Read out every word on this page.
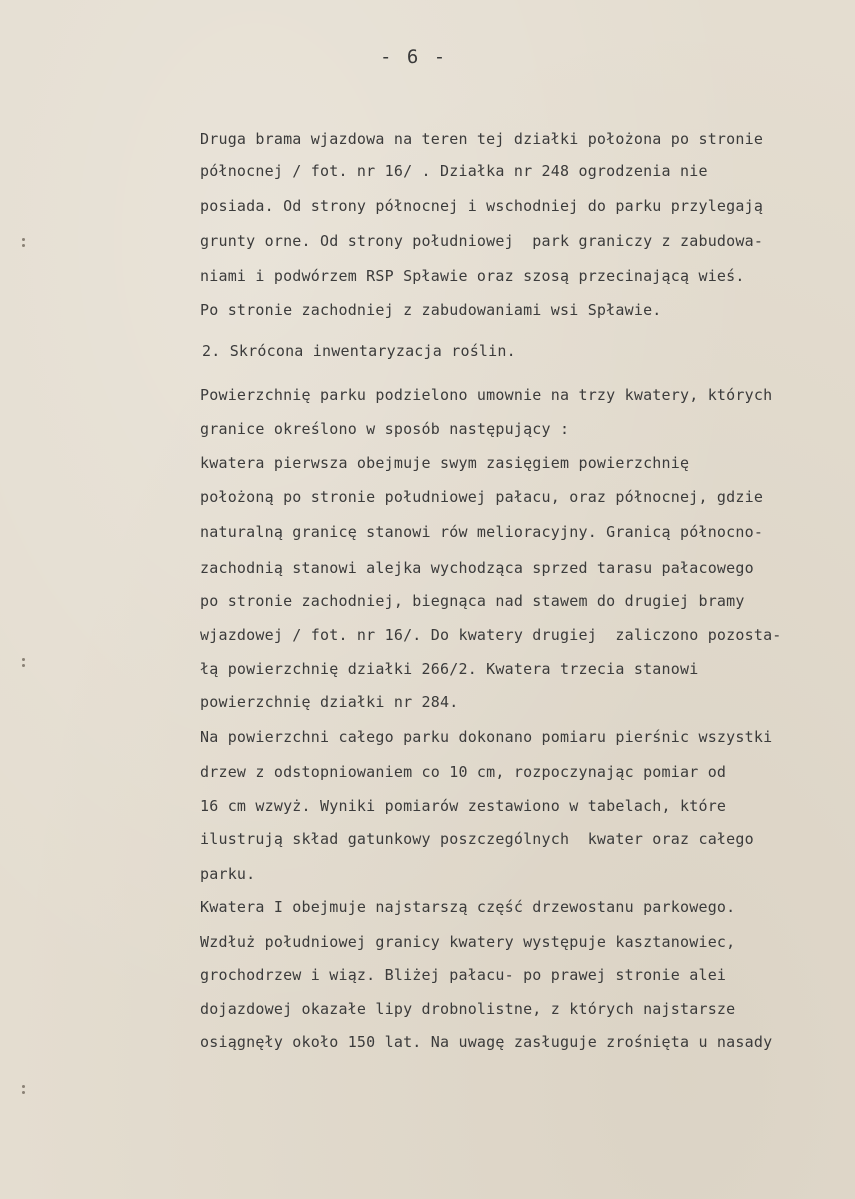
- 6 -
Druga brama wjazdowa na teren tej działki położona po stronie
północnej / fot. nr 16/ . Działka nr 248 ogrodzenia nie
posiada. Od strony północnej i wschodniej do parku przylegają
grunty orne. Od strony południowej  park graniczy z zabudowa-
niami i podwórzem RSP Spławie oraz szosą przecinającą wieś.
Po stronie zachodniej z zabudowaniami wsi Spławie.
2. Skrócona inwentaryzacja roślin.
Powierzchnię parku podzielono umownie na trzy kwatery, których
granice określono w sposób następujący :
kwatera pierwsza obejmuje swym zasięgiem powierzchnię
położoną po stronie południowej pałacu, oraz północnej, gdzie
naturalną granicę stanowi rów melioracyjny. Granicą północno-
zachodnią stanowi alejka wychodząca sprzed tarasu pałacowego
po stronie zachodniej, biegnąca nad stawem do drugiej bramy
wjazdowej / fot. nr 16/. Do kwatery drugiej  zaliczono pozosta-
łą powierzchnię działki 266/2. Kwatera trzecia stanowi
powierzchnię działki nr 284.
Na powierzchni całego parku dokonano pomiaru pierśnic wszystki
drzew z odstopniowaniem co 10 cm, rozpoczynając pomiar od
16 cm wzwyż. Wyniki pomiarów zestawiono w tabelach, które
ilustrują skład gatunkowy poszczególnych  kwater oraz całego
parku.
Kwatera I obejmuje najstarszą część drzewostanu parkowego.
Wzdłuż południowej granicy kwatery występuje kasztanowiec,
grochodrzew i wiąz. Bliżej pałacu- po prawej stronie alei
dojazdowej okazałe lipy drobnolistne, z których najstarsze
osiągnęły około 150 lat. Na uwagę zasługuje zrośnięta u nasady
